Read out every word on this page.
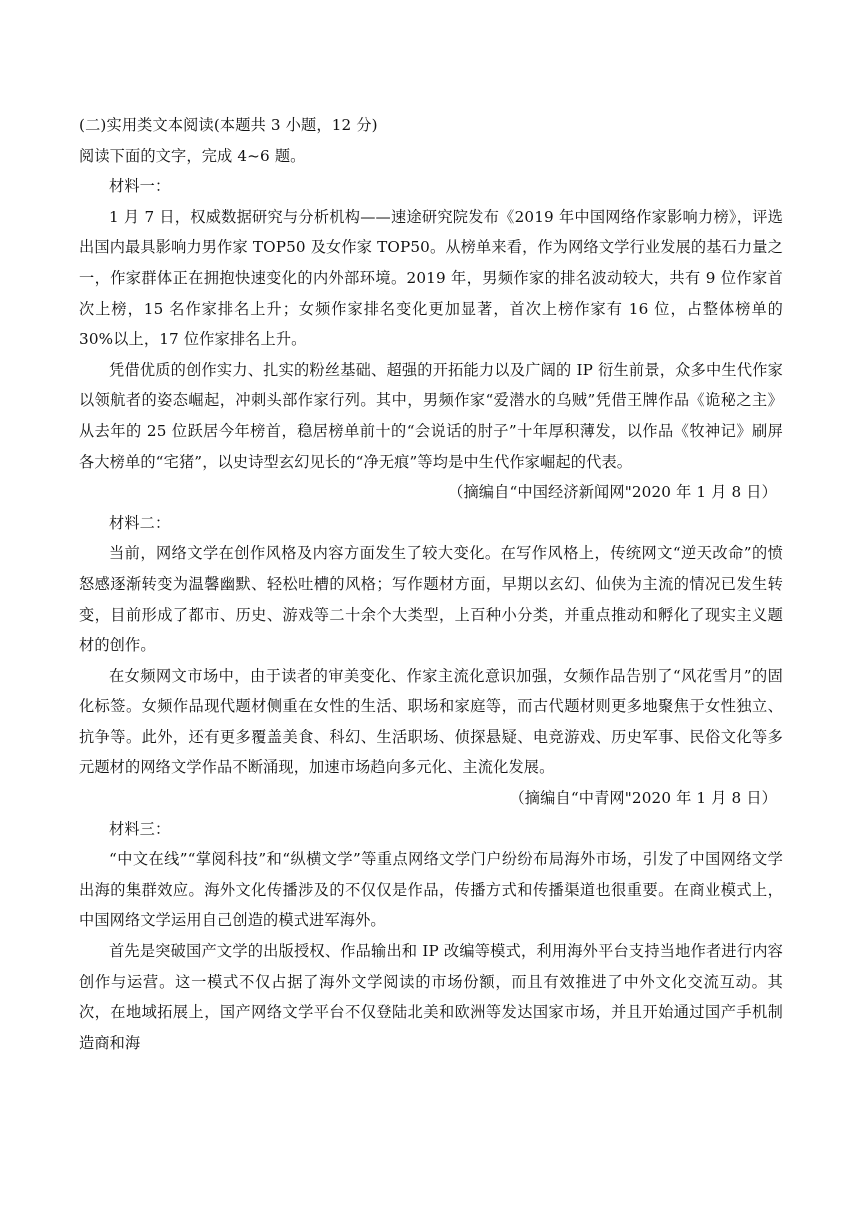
(二)实用类文本阅读(本题共 3 小题，12 分)

阅读下面的文字，完成 4~6 题。

材料一：

1 月 7 日，权威数据研究与分析机构——速途研究院发布《2019 年中国网络作家影响力榜》，评选出国内最具影响力男作家 TOP50 及女作家 TOP50。从榜单来看，作为网络文学行业发展的基石力量之一，作家群体正在拥抱快速变化的内外部环境。2019 年，男频作家的排名波动较大，共有 9 位作家首次上榜，15 名作家排名上升；女频作家排名变化更加显著，首次上榜作家有 16 位，占整体榜单的 30%以上，17 位作家排名上升。

凭借优质的创作实力、扎实的粉丝基础、超强的开拓能力以及广阔的 IP 衍生前景，众多中生代作家以领航者的姿态崛起，冲刺头部作家行列。其中，男频作家“爱潜水的乌贼”凭借王牌作品《诡秘之主》从去年的 25 位跃居今年榜首，稳居榜单前十的“会说话的肘子”十年厚积薄发，以作品《牧神记》刷屏各大榜单的“宅猪”，以史诗型玄幻见长的“净无痕”等均是中生代作家崛起的代表。

（摘编自“中国经济新闻网"2020 年 1 月 8 日）

材料二：

当前，网络文学在创作风格及内容方面发生了较大变化。在写作风格上，传统网文“逆天改命”的愤怒感逐渐转变为温馨幽默、轻松吐槽的风格；写作题材方面，早期以玄幻、仙侠为主流的情况已发生转变，目前形成了都市、历史、游戏等二十余个大类型，上百种小分类，并重点推动和孵化了现实主义题材的创作。

在女频网文市场中，由于读者的审美变化、作家主流化意识加强，女频作品告别了“风花雪月”的固化标签。女频作品现代题材侧重在女性的生活、职场和家庭等，而古代题材则更多地聚焦于女性独立、抗争等。此外，还有更多覆盖美食、科幻、生活职场、侦探悬疑、电竞游戏、历史军事、民俗文化等多元题材的网络文学作品不断涌现，加速市场趋向多元化、主流化发展。

（摘编自“中青网"2020 年 1 月 8 日）

材料三：

“中文在线”“掌阅科技”和“纵横文学”等重点网络文学门户纷纷布局海外市场，引发了中国网络文学出海的集群效应。海外文化传播涉及的不仅仅是作品，传播方式和传播渠道也很重要。在商业模式上，中国网络文学运用自己创造的模式进军海外。

首先是突破国产文学的出版授权、作品输出和 IP 改编等模式，利用海外平台支持当地作者进行内容创作与运营。这一模式不仅占据了海外文学阅读的市场份额，而且有效推进了中外文化交流互动。其次，在地域拓展上，国产网络文学平台不仅登陆北美和欧洲等发达国家市场，并且开始通过国产手机制造商和海
